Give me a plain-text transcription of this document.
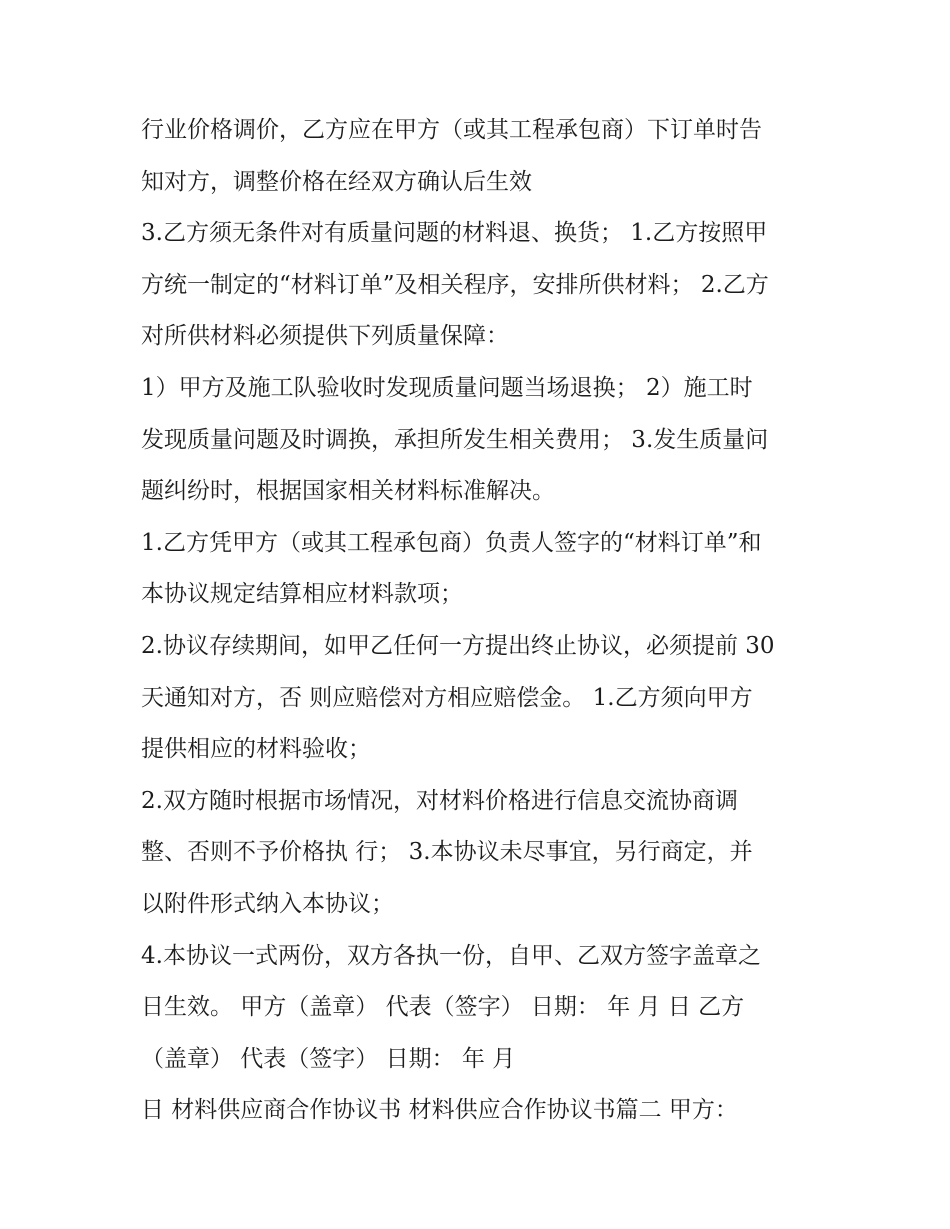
行业价格调价，乙方应在甲方（或其工程承包商）下订单时告
知对方，调整价格在经双方确认后生效
3.乙方须无条件对有质量问题的材料退、换货； 1.乙方按照甲
方统一制定的“材料订单”及相关程序，安排所供材料； 2.乙方
对所供材料必须提供下列质量保障：
1）甲方及施工队验收时发现质量问题当场退换； 2）施工时
发现质量问题及时调换，承担所发生相关费用； 3.发生质量问
题纠纷时，根据国家相关材料标准解决。
1.乙方凭甲方（或其工程承包商）负责人签字的“材料订单”和
本协议规定结算相应材料款项；
2.协议存续期间，如甲乙任何一方提出终止协议，必须提前 30
天通知对方，否 则应赔偿对方相应赔偿金。 1.乙方须向甲方
提供相应的材料验收；
2.双方随时根据市场情况，对材料价格进行信息交流协商调
整、否则不予价格执 行； 3.本协议未尽事宜，另行商定，并
以附件形式纳入本协议；
4.本协议一式两份，双方各执一份，自甲、乙双方签字盖章之
日生效。 甲方（盖章） 代表（签字） 日期： 年 月 日 乙方
（盖章） 代表（签字） 日期： 年 月
日 材料供应商合作协议书 材料供应合作协议书篇二 甲方：
